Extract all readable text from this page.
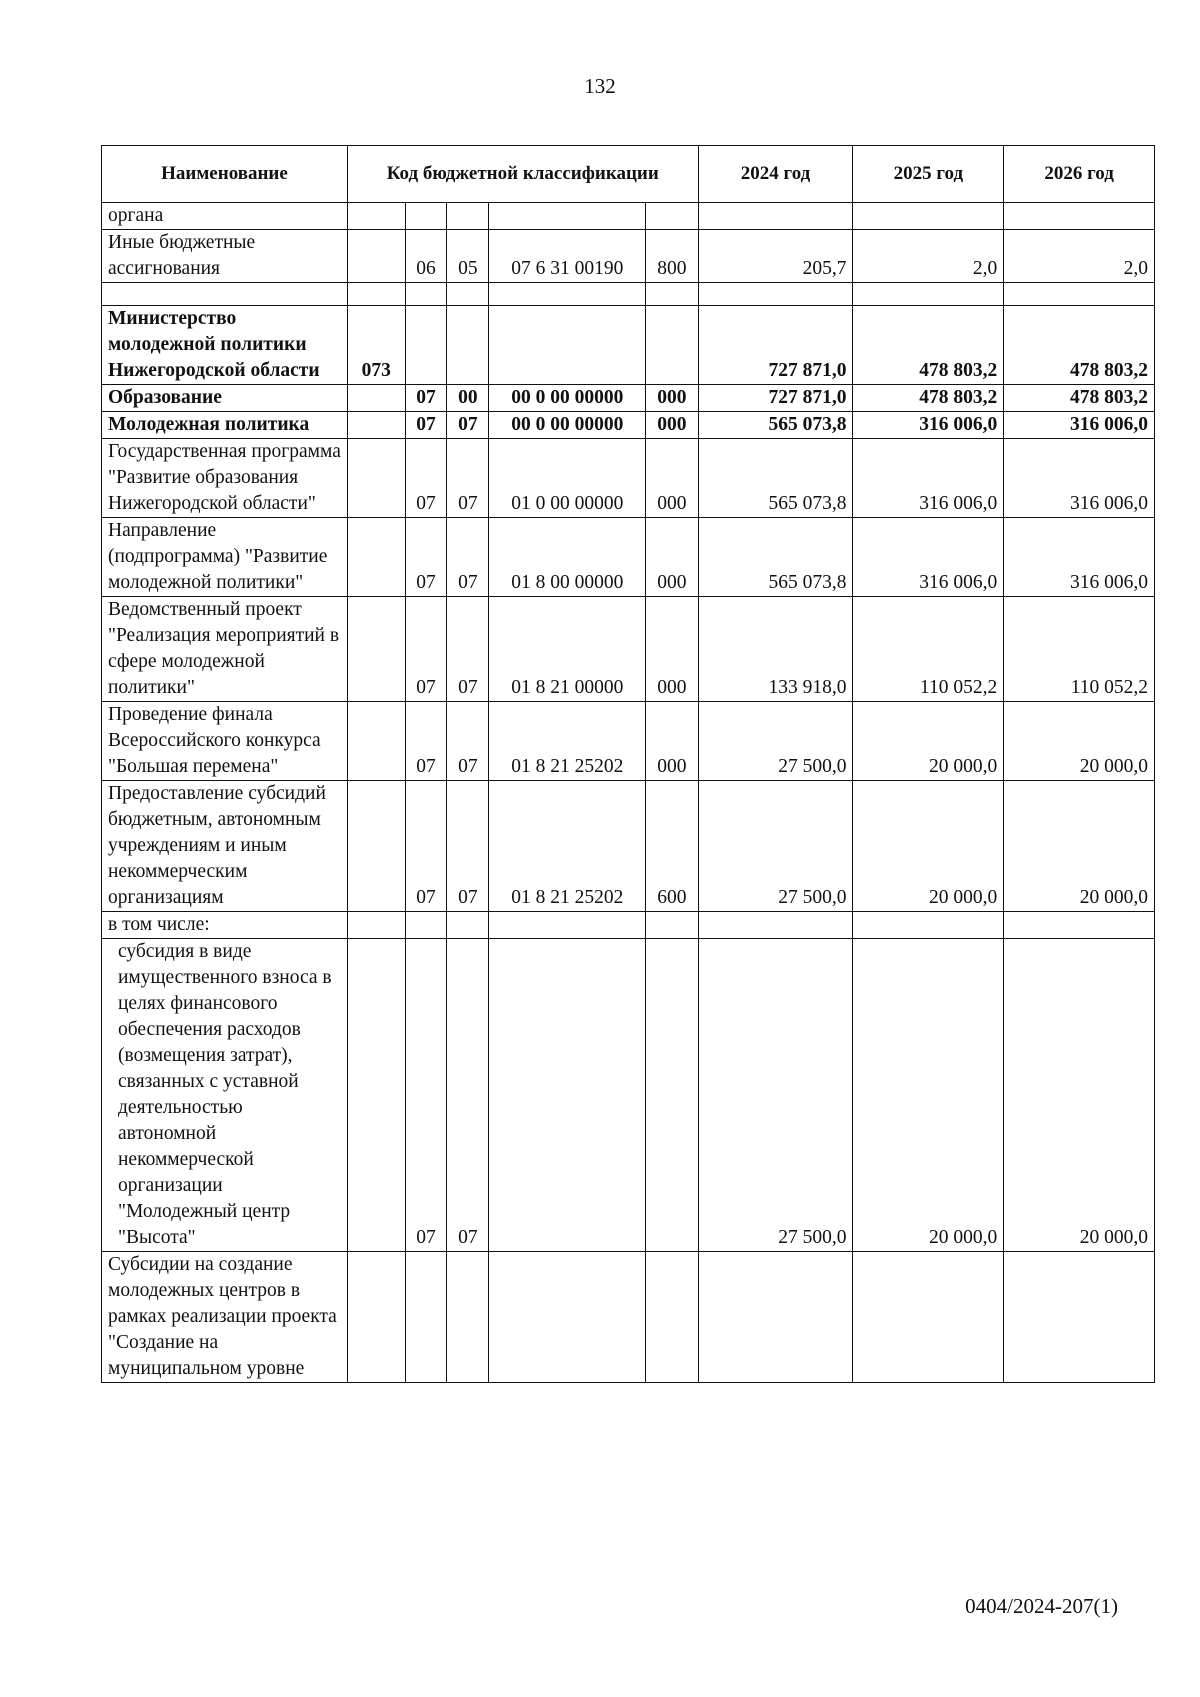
132
Наименование	Код бюджетной классификации					2024 год	2025 год	2026 год
органа								
Иные бюджетные ассигнования		06	05	07 6 31 00190	800	205,7	2,0	2,0

Министерство молодежной политики Нижегородской области	073					727 871,0	478 803,2	478 803,2
Образование		07	00	00 0 00 00000	000	727 871,0	478 803,2	478 803,2
Молодежная политика		07	07	00 0 00 00000	000	565 073,8	316 006,0	316 006,0
Государственная программа "Развитие образования Нижегородской области"		07	07	01 0 00 00000	000	565 073,8	316 006,0	316 006,0
Направление (подпрограмма) "Развитие молодежной политики"		07	07	01 8 00 00000	000	565 073,8	316 006,0	316 006,0
Ведомственный проект "Реализация мероприятий в сфере молодежной политики"		07	07	01 8 21 00000	000	133 918,0	110 052,2	110 052,2
Проведение финала Всероссийского конкурса "Большая перемена"		07	07	01 8 21 25202	000	27 500,0	20 000,0	20 000,0
Предоставление субсидий бюджетным, автономным учреждениям и иным некоммерческим организациям		07	07	01 8 21 25202	600	27 500,0	20 000,0	20 000,0
в том числе:								
субсидия в виде имущественного взноса в целях финансового обеспечения расходов (возмещения затрат), связанных с уставной деятельностью автономной некоммерческой организации "Молодежный центр "Высота"		07	07			27 500,0	20 000,0	20 000,0
Субсидии на создание молодежных центров в рамках реализации проекта "Создание на муниципальном уровне								
0404/2024-207(1)
